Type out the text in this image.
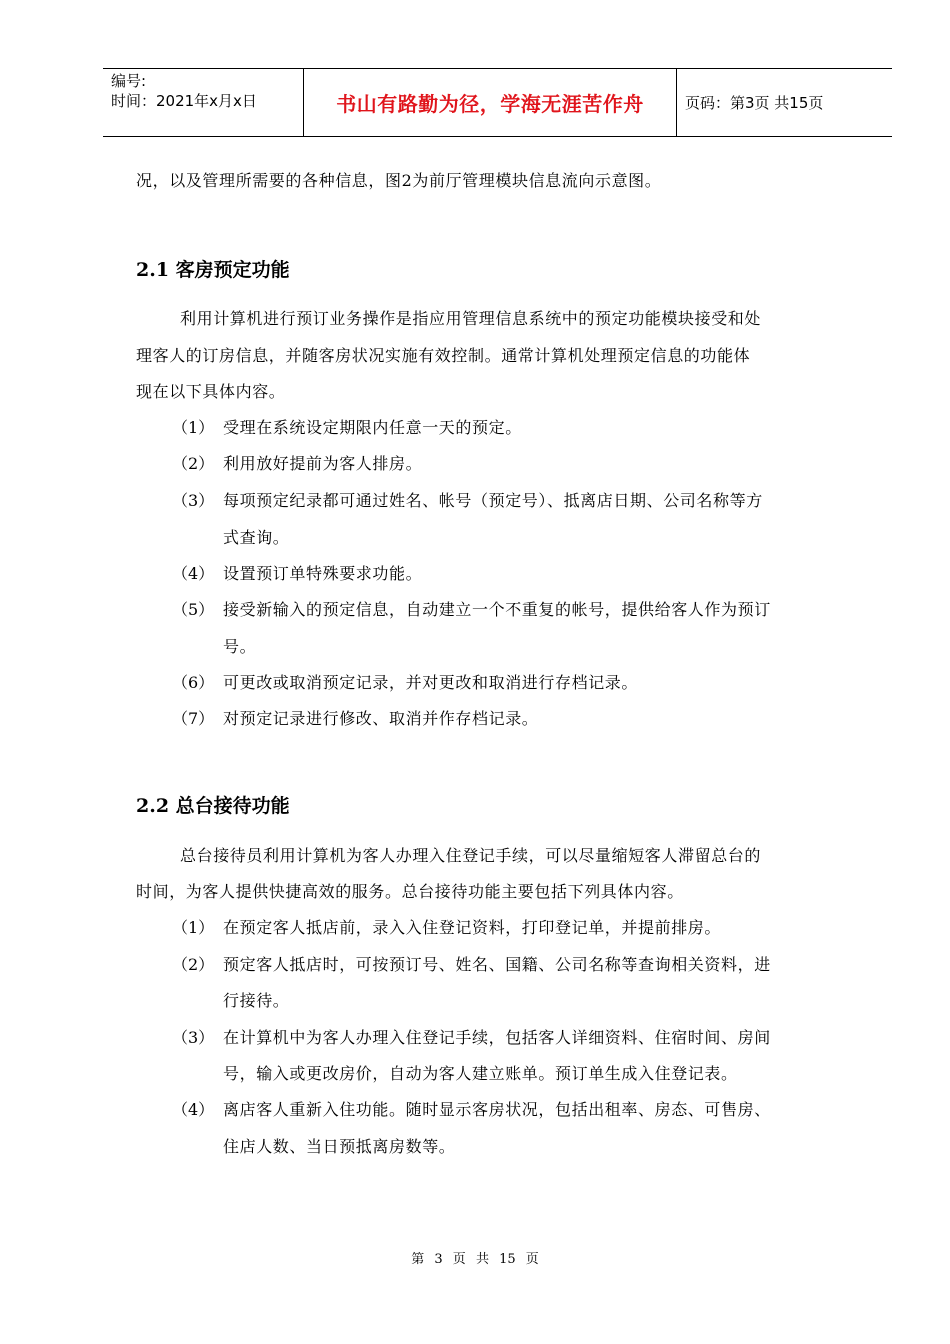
编号:
时间：2021年x月x日	书山有路勤为径，学海无涯苦作舟	页码：第3页 共15页
况，以及管理所需要的各种信息，图2为前厅管理模块信息流向示意图。
2.1 客房预定功能
利用计算机进行预订业务操作是指应用管理信息系统中的预定功能模块接受和处
理客人的订房信息，并随客房状况实施有效控制。通常计算机处理预定信息的功能体
现在以下具体内容。
（1） 受理在系统设定期限内任意一天的预定。
（2） 利用放好提前为客人排房。
（3） 每项预定纪录都可通过姓名、帐号（预定号）、抵离店日期、公司名称等方
式查询。
（4） 设置预订单特殊要求功能。
（5） 接受新输入的预定信息，自动建立一个不重复的帐号，提供给客人作为预订
号。
（6） 可更改或取消预定记录，并对更改和取消进行存档记录。
（7） 对预定记录进行修改、取消并作存档记录。
2.2 总台接待功能
总台接待员利用计算机为客人办理入住登记手续，可以尽量缩短客人滞留总台的
时间，为客人提供快捷高效的服务。总台接待功能主要包括下列具体内容。
（1） 在预定客人抵店前，录入入住登记资料，打印登记单，并提前排房。
（2） 预定客人抵店时，可按预订号、姓名、国籍、公司名称等查询相关资料，进
行接待。
（3） 在计算机中为客人办理入住登记手续，包括客人详细资料、住宿时间、房间
号，输入或更改房价，自动为客人建立账单。预订单生成入住登记表。
（4） 离店客人重新入住功能。随时显示客房状况，包括出租率、房态、可售房、
住店人数、当日预抵离房数等。
第 3 页 共 15 页
